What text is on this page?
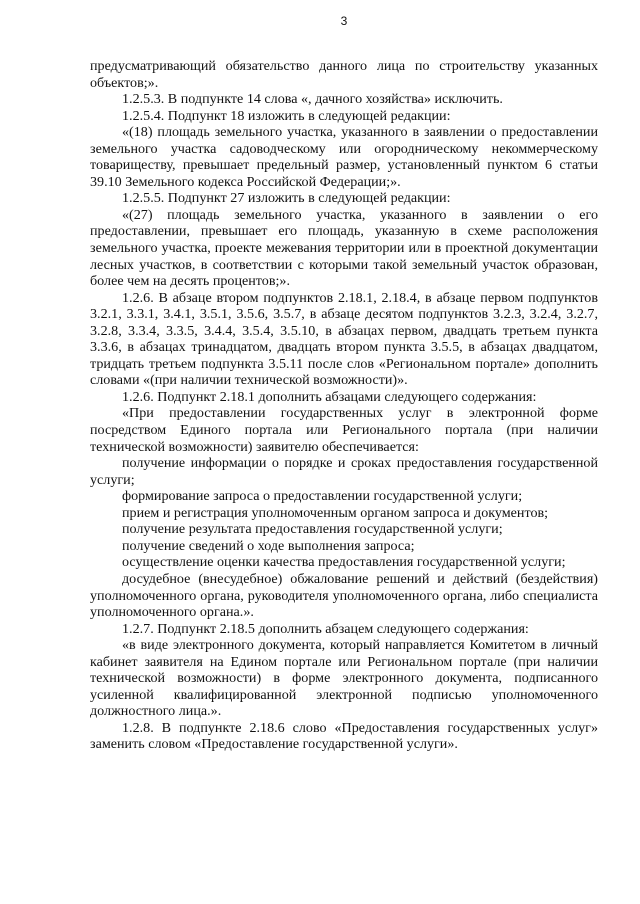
3

предусматривающий обязательство данного лица по строительству указанных объектов;».

1.2.5.3. В подпункте 14 слова «, дачного хозяйства» исключить.

1.2.5.4. Подпункт 18 изложить в следующей редакции:

«(18) площадь земельного участка, указанного в заявлении о предоставлении земельного участка садоводческому или огородническому некоммерческому товариществу, превышает предельный размер, установленный пунктом 6 статьи 39.10 Земельного кодекса Российской Федерации;».

1.2.5.5. Подпункт 27 изложить в следующей редакции:

«(27) площадь земельного участка, указанного в заявлении о его предоставлении, превышает его площадь, указанную в схеме расположения земельного участка, проекте межевания территории или в проектной документации лесных участков, в соответствии с которыми такой земельный участок образован, более чем на десять процентов;».

1.2.6. В абзаце втором подпунктов 2.18.1, 2.18.4, в абзаце первом подпунктов 3.2.1, 3.3.1, 3.4.1, 3.5.1, 3.5.6, 3.5.7, в абзаце десятом подпунктов 3.2.3, 3.2.4, 3.2.7, 3.2.8, 3.3.4, 3.3.5, 3.4.4, 3.5.4, 3.5.10, в абзацах первом, двадцать третьем пункта 3.3.6, в абзацах тринадцатом, двадцать втором пункта 3.5.5, в абзацах двадцатом, тридцать третьем подпункта 3.5.11 после слов «Региональном портале» дополнить словами «(при наличии технической возможности)».

1.2.6. Подпункт 2.18.1 дополнить абзацами следующего содержания:

«При предоставлении государственных услуг в электронной форме посредством Единого портала или Регионального портала (при наличии технической возможности) заявителю обеспечивается:

получение информации о порядке и сроках предоставления государственной услуги;

формирование запроса о предоставлении государственной услуги;

прием и регистрация уполномоченным органом запроса и документов;

получение результата предоставления государственной услуги;

получение сведений о ходе выполнения запроса;

осуществление оценки качества предоставления государственной услуги;

досудебное (внесудебное) обжалование решений и действий (бездействия) уполномоченного органа, руководителя уполномоченного органа, либо специалиста уполномоченного органа.».

1.2.7. Подпункт 2.18.5 дополнить абзацем следующего содержания:

«в виде электронного документа, который направляется Комитетом в личный кабинет заявителя на Едином портале или Региональном портале (при наличии технической возможности) в форме электронного документа, подписанного усиленной квалифицированной электронной подписью уполномоченного должностного лица.».

1.2.8. В подпункте 2.18.6 слово «Предоставления государственных услуг» заменить словом «Предоставление государственной услуги».
